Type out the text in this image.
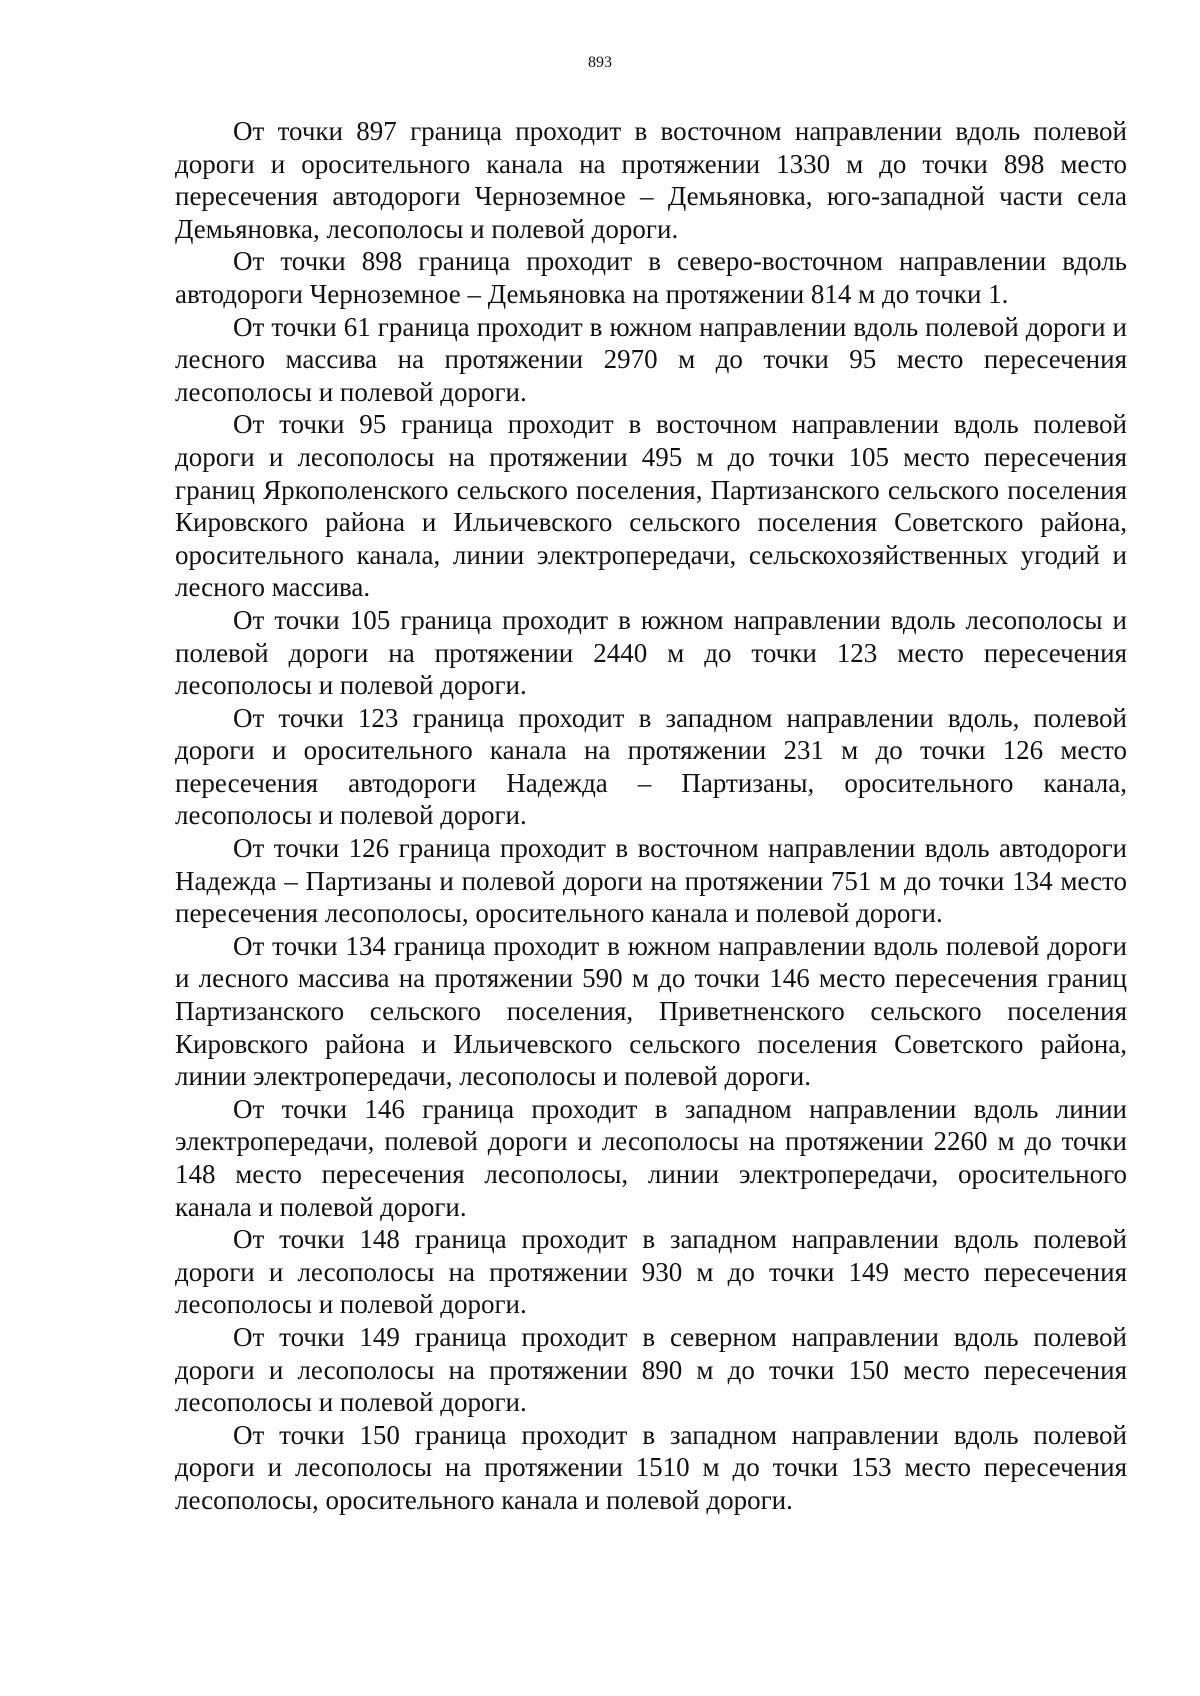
893

От точки 897 граница проходит в восточном направлении вдоль полевой дороги и оросительного канала на протяжении 1330 м до точки 898 место пересечения автодороги Черноземное – Демьяновка, юго-западной части села Демьяновка, лесополосы и полевой дороги.

От точки 898 граница проходит в северо-восточном направлении вдоль автодороги Черноземное – Демьяновка на протяжении 814 м до точки 1.

От точки 61 граница проходит в южном направлении вдоль полевой дороги и лесного массива на протяжении 2970 м до точки 95 место пересечения лесополосы и полевой дороги.

От точки 95 граница проходит в восточном направлении вдоль полевой дороги и лесополосы на протяжении 495 м до точки 105 место пересечения границ Яркополенского сельского поселения, Партизанского сельского поселения Кировского района и Ильичевского сельского поселения Советского района, оросительного канала, линии электропередачи, сельскохозяйственных угодий и лесного массива.

От точки 105 граница проходит в южном направлении вдоль лесополосы и полевой дороги на протяжении 2440 м до точки 123 место пересечения лесополосы и полевой дороги.

От точки 123 граница проходит в западном направлении вдоль, полевой дороги и оросительного канала на протяжении 231 м до точки 126 место пересечения автодороги Надежда – Партизаны, оросительного канала, лесополосы и полевой дороги.

От точки 126 граница проходит в восточном направлении вдоль автодороги Надежда – Партизаны и полевой дороги на протяжении 751 м до точки 134 место пересечения лесополосы, оросительного канала и полевой дороги.

От точки 134 граница проходит в южном направлении вдоль полевой дороги и лесного массива на протяжении 590 м до точки 146 место пересечения границ Партизанского сельского поселения, Приветненского сельского поселения Кировского района и Ильичевского сельского поселения Советского района, линии электропередачи, лесополосы и полевой дороги.

От точки 146 граница проходит в западном направлении вдоль линии электропередачи, полевой дороги и лесополосы на протяжении 2260 м до точки 148 место пересечения лесополосы, линии электропередачи, оросительного канала и полевой дороги.

От точки 148 граница проходит в западном направлении вдоль полевой дороги и лесополосы на протяжении 930 м до точки 149 место пересечения лесополосы и полевой дороги.

От точки 149 граница проходит в северном направлении вдоль полевой дороги и лесополосы на протяжении 890 м до точки 150 место пересечения лесополосы и полевой дороги.

От точки 150 граница проходит в западном направлении вдоль полевой дороги и лесополосы на протяжении 1510 м до точки 153 место пересечения лесополосы, оросительного канала и полевой дороги.
